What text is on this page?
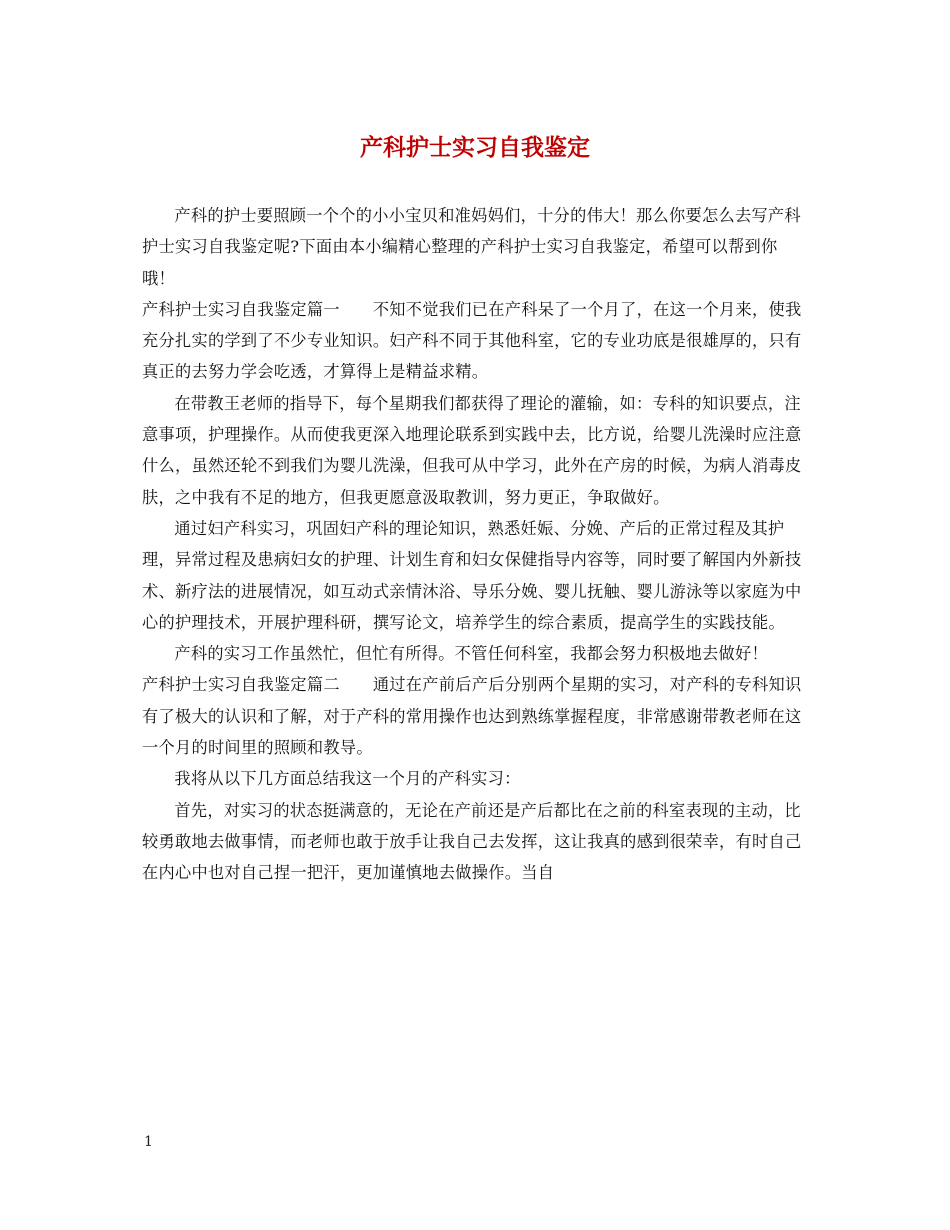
产科护士实习自我鉴定

产科的护士要照顾一个个的小小宝贝和准妈妈们，十分的伟大！那么你要怎么去写产科护士实习自我鉴定呢?下面由本小编精心整理的产科护士实习自我鉴定，希望可以帮到你哦！

产科护士实习自我鉴定篇一　　不知不觉我们已在产科呆了一个月了，在这一个月来，使我充分扎实的学到了不少专业知识。妇产科不同于其他科室，它的专业功底是很雄厚的，只有真正的去努力学会吃透，才算得上是精益求精。

在带教王老师的指导下，每个星期我们都获得了理论的灌输，如：专科的知识要点，注意事项，护理操作。从而使我更深入地理论联系到实践中去，比方说，给婴儿洗澡时应注意什么，虽然还轮不到我们为婴儿洗澡，但我可从中学习，此外在产房的时候，为病人消毒皮肤，之中我有不足的地方，但我更愿意汲取教训，努力更正，争取做好。

通过妇产科实习，巩固妇产科的理论知识，熟悉妊娠、分娩、产后的正常过程及其护理，异常过程及患病妇女的护理、计划生育和妇女保健指导内容等，同时要了解国内外新技术、新疗法的进展情况，如互动式亲情沐浴、导乐分娩、婴儿抚触、婴儿游泳等以家庭为中心的护理技术，开展护理科研，撰写论文，培养学生的综合素质，提高学生的实践技能。

产科的实习工作虽然忙，但忙有所得。不管任何科室，我都会努力积极地去做好！

产科护士实习自我鉴定篇二　　通过在产前后产后分别两个星期的实习，对产科的专科知识有了极大的认识和了解，对于产科的常用操作也达到熟练掌握程度，非常感谢带教老师在这一个月的时间里的照顾和教导。

我将从以下几方面总结我这一个月的产科实习：

首先，对实习的状态挺满意的，无论在产前还是产后都比在之前的科室表现的主动，比较勇敢地去做事情，而老师也敢于放手让我自己去发挥，这让我真的感到很荣幸，有时自己在内心中也对自己捏一把汗，更加谨慎地去做操作。当自

1
